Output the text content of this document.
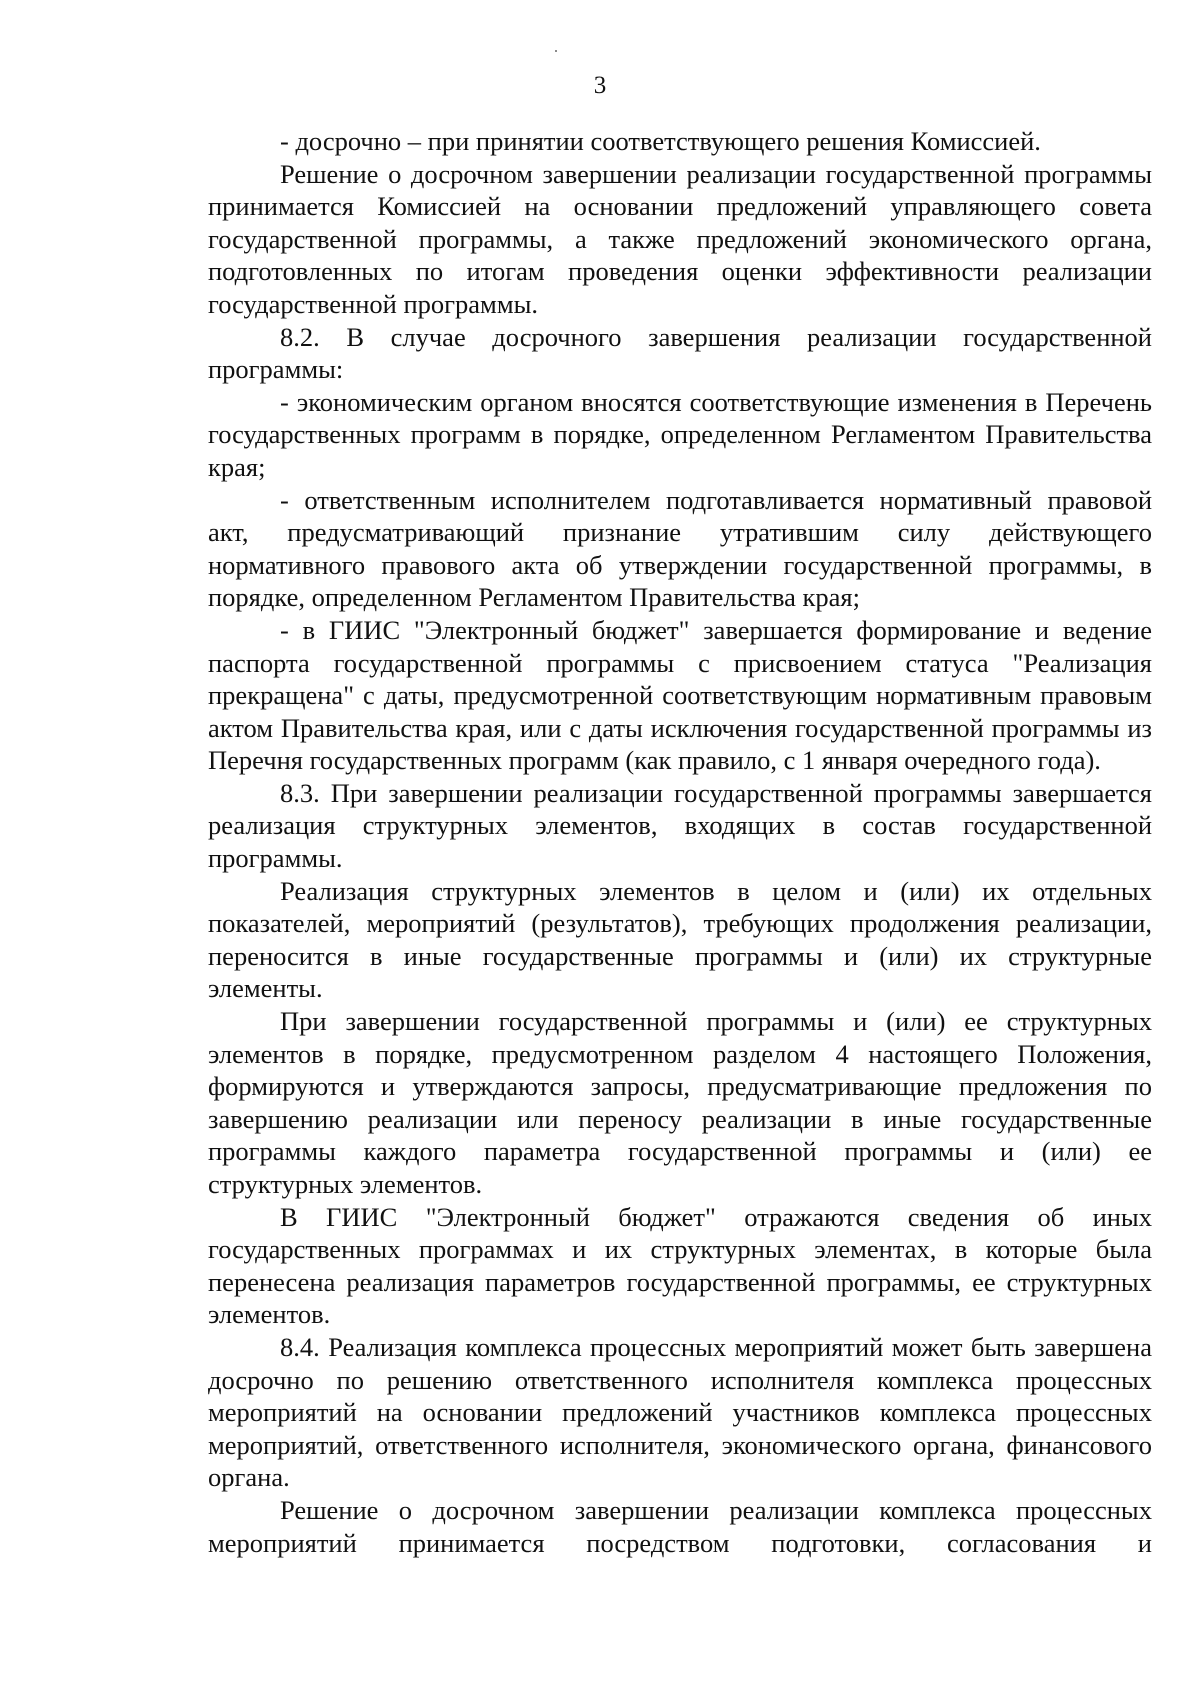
3

- досрочно – при принятии соответствующего решения Комиссией.

Решение о досрочном завершении реализации государственной программы принимается Комиссией на основании предложений управляющего совета государственной программы, а также предложений экономического органа, подготовленных по итогам проведения оценки эффективности реализации государственной программы.

8.2. В случае досрочного завершения реализации государственной программы:

- экономическим органом вносятся соответствующие изменения в Перечень государственных программ в порядке, определенном Регламентом Правительства края;

- ответственным исполнителем подготавливается нормативный правовой акт, предусматривающий признание утратившим силу действующего нормативного правового акта об утверждении государственной программы, в порядке, определенном Регламентом Правительства края;

- в ГИИС "Электронный бюджет" завершается формирование и ведение паспорта государственной программы с присвоением статуса "Реализация прекращена" с даты, предусмотренной соответствующим нормативным правовым актом Правительства края, или с даты исключения государственной программы из Перечня государственных программ (как правило, с 1 января очередного года).

8.3. При завершении реализации государственной программы завершается реализация структурных элементов, входящих в состав государственной программы.

Реализация структурных элементов в целом и (или) их отдельных показателей, мероприятий (результатов), требующих продолжения реализации, переносится в иные государственные программы и (или) их структурные элементы.

При завершении государственной программы и (или) ее структурных элементов в порядке, предусмотренном разделом 4 настоящего Положения, формируются и утверждаются запросы, предусматривающие предложения по завершению реализации или переносу реализации в иные государственные программы каждого параметра государственной программы и (или) ее структурных элементов.

В ГИИС "Электронный бюджет" отражаются сведения об иных государственных программах и их структурных элементах, в которые была перенесена реализация параметров государственной программы, ее структурных элементов.

8.4. Реализация комплекса процессных мероприятий может быть завершена досрочно по решению ответственного исполнителя комплекса процессных мероприятий на основании предложений участников комплекса процессных мероприятий, ответственного исполнителя, экономического органа, финансового органа.

Решение о досрочном завершении реализации комплекса процессных мероприятий принимается посредством подготовки, согласования и
